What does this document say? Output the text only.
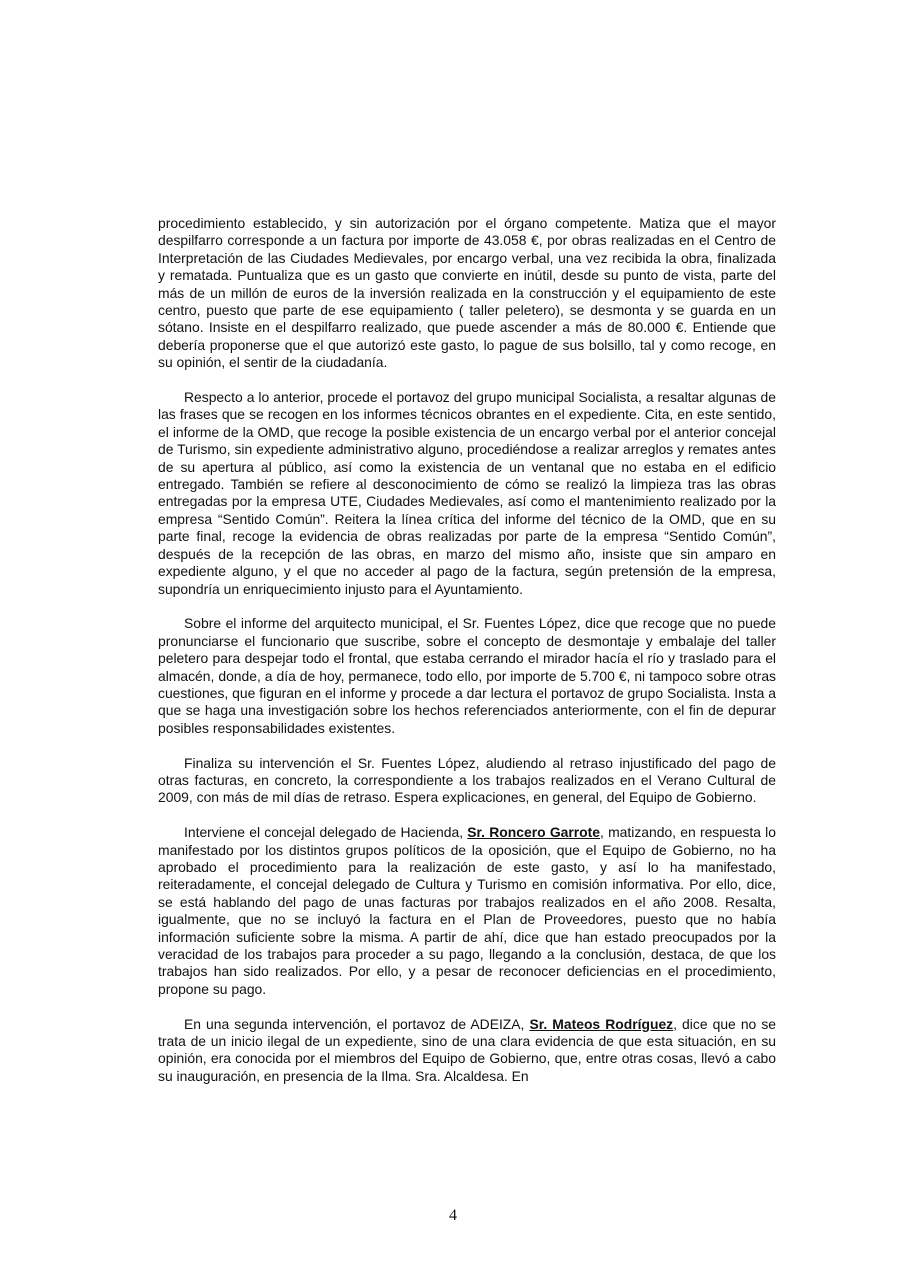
procedimiento establecido, y sin autorización por el órgano competente. Matiza que el mayor despilfarro corresponde a un factura por importe de 43.058 €, por obras realizadas en el Centro de Interpretación de las Ciudades Medievales, por encargo verbal, una vez recibida la obra, finalizada y rematada. Puntualiza que es un gasto que convierte en inútil, desde su punto de vista, parte del más de un millón de euros de la inversión realizada en la construcción y el equipamiento de este centro, puesto que parte de ese equipamiento ( taller peletero), se desmonta y se guarda en un sótano. Insiste en el despilfarro realizado, que puede ascender a más de 80.000 €. Entiende que debería proponerse que el que autorizó este gasto, lo pague de sus bolsillo, tal y como recoge, en su opinión, el sentir de la ciudadanía.

Respecto a lo anterior, procede el portavoz del grupo municipal Socialista, a resaltar algunas de las frases que se recogen en los informes técnicos obrantes en el expediente. Cita, en este sentido, el informe de la OMD, que recoge la posible existencia de un encargo verbal por el anterior concejal de Turismo, sin expediente administrativo alguno, procediéndose a realizar arreglos y remates antes de su apertura al público, así como la existencia de un ventanal que no estaba en el edificio entregado. También se refiere al desconocimiento de cómo se realizó la limpieza tras las obras entregadas por la empresa UTE, Ciudades Medievales, así como el mantenimiento realizado por la empresa “Sentido Común”. Reitera la línea crítica del informe del técnico de la OMD, que en su parte final, recoge la evidencia de obras realizadas por parte de la empresa “Sentido Común”, después de la recepción de las obras, en marzo del mismo año, insiste que sin amparo en expediente alguno, y el que no acceder al pago de la factura, según pretensión de la empresa, supondría un enriquecimiento injusto para el Ayuntamiento.

Sobre el informe del arquitecto municipal, el Sr. Fuentes López, dice que recoge que no puede pronunciarse el funcionario que suscribe, sobre el concepto de desmontaje y embalaje del taller peletero para despejar todo el frontal, que estaba cerrando el mirador hacía el río y traslado para el almacén, donde, a día de hoy, permanece, todo ello, por importe de 5.700 €, ni tampoco sobre otras cuestiones, que figuran en el informe y procede a dar lectura el portavoz de grupo Socialista. Insta a que se haga una investigación sobre los hechos referenciados anteriormente, con el fin de depurar posibles responsabilidades existentes.

Finaliza su intervención el Sr. Fuentes López, aludiendo al retraso injustificado del pago de otras facturas, en concreto, la correspondiente a los trabajos realizados en el Verano Cultural de 2009, con más de mil días de retraso. Espera explicaciones, en general, del Equipo de Gobierno.

Interviene el concejal delegado de Hacienda, Sr. Roncero Garrote, matizando, en respuesta lo manifestado por los distintos grupos políticos de la oposición, que el Equipo de Gobierno, no ha aprobado el procedimiento para la realización de este gasto, y así lo ha manifestado, reiteradamente, el concejal delegado de Cultura y Turismo en comisión informativa. Por ello, dice, se está hablando del pago de unas facturas por trabajos realizados en el año 2008. Resalta, igualmente, que no se incluyó la factura en el Plan de Proveedores, puesto que no había información suficiente sobre la misma. A partir de ahí, dice que han estado preocupados por la veracidad de los trabajos para proceder a su pago, llegando a la conclusión, destaca, de que los trabajos han sido realizados. Por ello, y a pesar de reconocer deficiencias en el procedimiento, propone su pago.

En una segunda intervención, el portavoz de ADEIZA, Sr. Mateos Rodríguez, dice que no se trata de un inicio ilegal de un expediente, sino de una clara evidencia de que esta situación, en su opinión, era conocida por el miembros del Equipo de Gobierno, que, entre otras cosas, llevó a cabo su inauguración, en presencia de la Ilma. Sra. Alcaldesa. En

4
